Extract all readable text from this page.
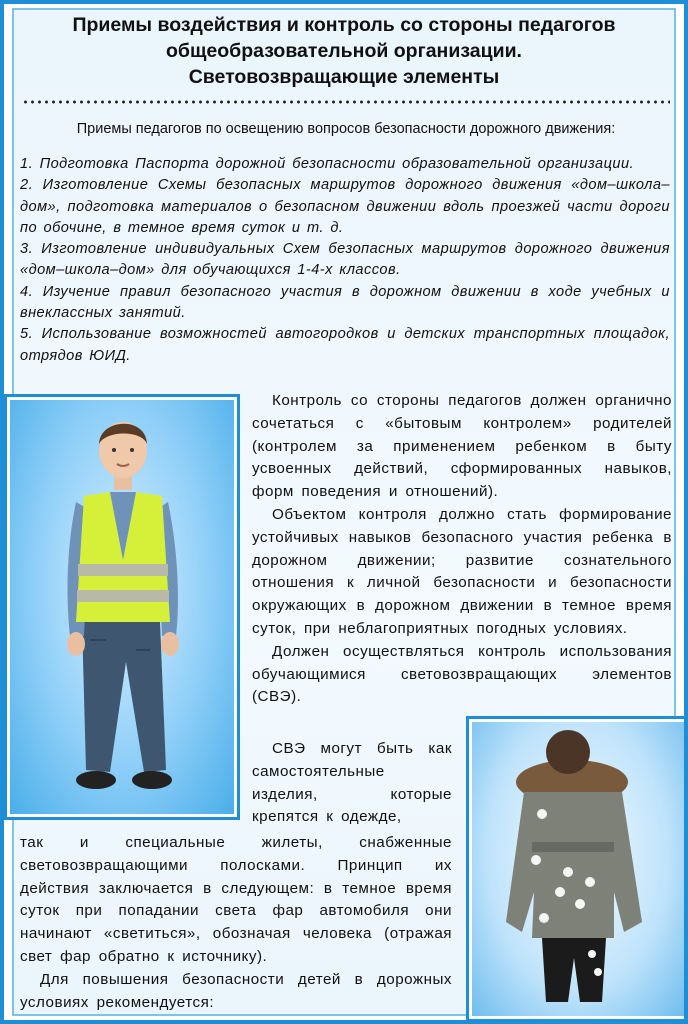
Приемы воздействия и контроль со стороны педагогов
общеобразовательной организации.
Световозвращающие элементы
Приемы педагогов по освещению вопросов безопасности дорожного движения:

1. Подготовка Паспорта дорожной безопасности образовательной организации.

2. Изготовление Схемы безопасных маршрутов дорожного движения «дом–школа–дом», подготовка материалов о безопасном движении вдоль проезжей части дороги по обочине, в темное время суток и т. д.

3. Изготовление индивидуальных Схем безопасных маршрутов дорожного движения «дом–школа–дом» для обучающихся 1-4-х классов.

4. Изучение правил безопасного участия в дорожном движении в ходе учебных и внеклассных занятий.

5. Использование возможностей автогородков и детских транспортных площадок, отрядов ЮИД.

Контроль со стороны педагогов должен органично сочетаться с «бытовым контролем» родителей (контролем за применением ребенком в быту усвоенных действий, сформированных навыков, форм поведения и отношений).

Объектом контроля должно стать формирование устойчивых навыков безопасного участия ребенка в дорожном движении; развитие сознательного отношения к личной безопасности и безопасности окружающих в дорожном движении в темное время суток, при неблагоприятных погодных условиях.

Должен осуществляться контроль использования обучающимися световозвращающих элементов (СВЭ).

СВЭ могут быть как самостоятельные изделия, которые крепятся к одежде,

так и специальные жилеты, снабженные световозвращающими полосками. Принцип их действия заключается в следующем: в темное время суток при попадании света фар автомобиля они начинают «светиться», обозначая человека (отражая свет фар обратно к источнику).

Для повышения безопасности детей в дорожных условиях рекомендуется:
